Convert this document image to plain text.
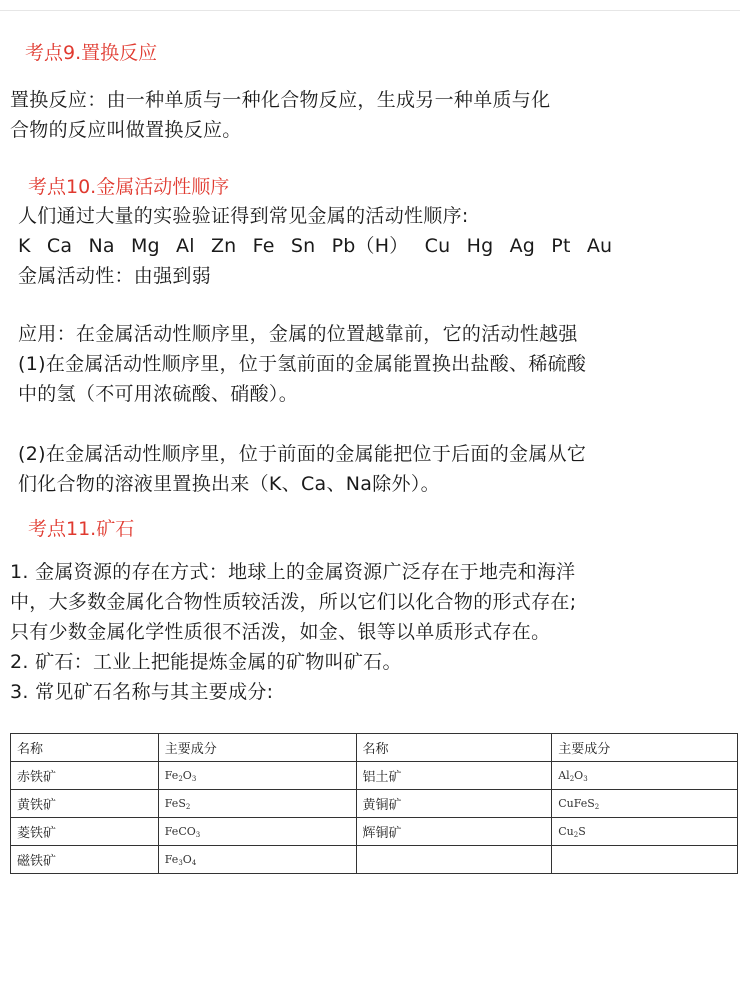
考点9.置换反应
置换反应：由一种单质与一种化合物反应，生成另一种单质与化
合物的反应叫做置换反应。
考点10.金属活动性顺序
人们通过大量的实验验证得到常见金属的活动性顺序:
K Ca Na Mg Al Zn Fe Sn Pb（H） Cu Hg Ag Pt Au
金属活动性：由强到弱
应用：在金属活动性顺序里，金属的位置越靠前，它的活动性越强
(1)在金属活动性顺序里，位于氢前面的金属能置换出盐酸、稀硫酸
中的氢（不可用浓硫酸、硝酸）。
(2)在金属活动性顺序里，位于前面的金属能把位于后面的金属从它
们化合物的溶液里置换出来（K、Ca、Na除外）。
考点11.矿石
1. 金属资源的存在方式：地球上的金属资源广泛存在于地壳和海洋
中，大多数金属化合物性质较活泼，所以它们以化合物的形式存在;
只有少数金属化学性质很不活泼，如金、银等以单质形式存在。
2. 矿石：工业上把能提炼金属的矿物叫矿石。
3. 常见矿石名称与其主要成分:
名称	主要成分	名称	主要成分
赤铁矿	$Fe_2O_3$	铝土矿	$Al_2O_3$
黄铁矿	FeS$_2$	黄铜矿	CuFeS$_2$
菱铁矿	FeCO$_3$	辉铜矿	$Cu_2S$
磁铁矿	$Fe_3O_4$		
